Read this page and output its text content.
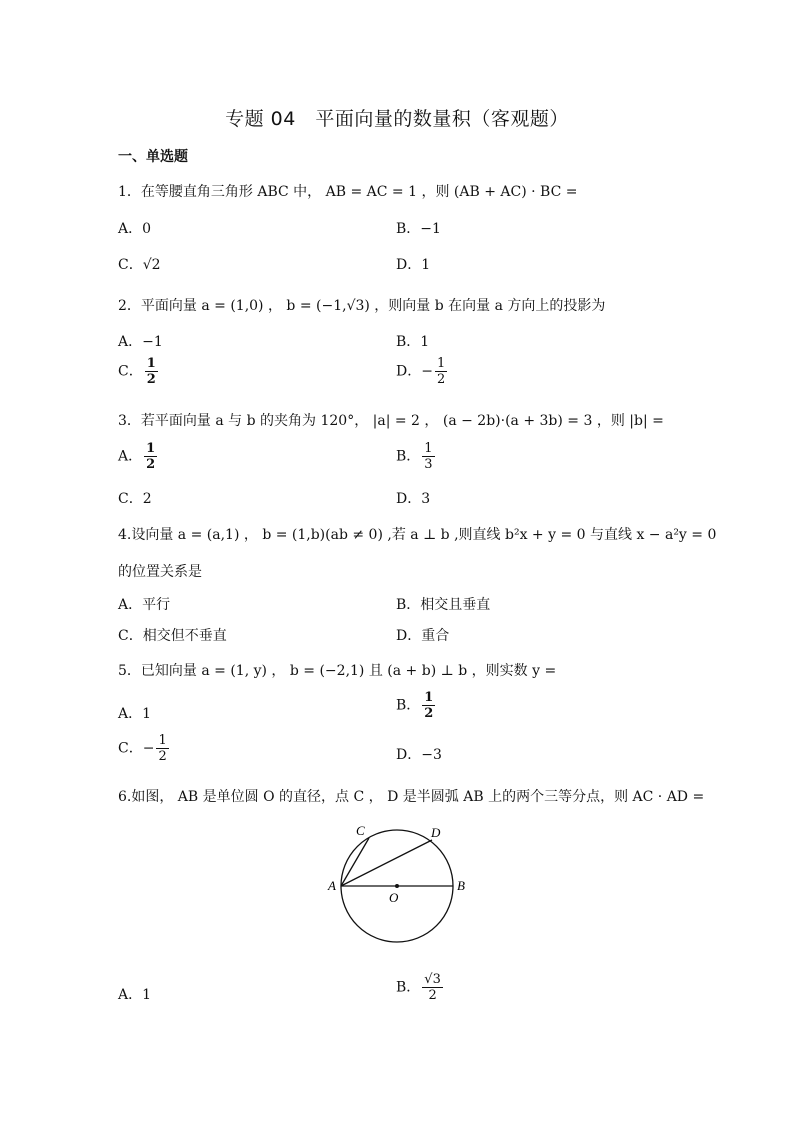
专题 04　平面向量的数量积（客观题）
一、单选题
1．在等腰直角三角形 ABC 中， AB = AC = 1 ，则 (AB + AC) · BC =
A．0	B．−1
C．√2	D．1
2．平面向量 a = (1,0) ， b = (−1,√3) ，则向量 b 在向量 a 方向上的投影为
A．−1	B．1
C． $\frac{1}{2}$	D．− $\frac{1}{2}$
3．若平面向量 a 与 b 的夹角为 120°， |a| = 2 ， (a − 2b)·(a + 3b) = 3 ，则 |b| =
A． $\frac{1}{2}$	B． $\frac{1}{3}$
C．2	D．3
4.设向量 a = (a,1) ， b = (1,b)(ab ≠ 0) ,若 a ⊥ b ,则直线 b²x + y = 0 与直线 x − a²y = 0
的位置关系是
A．平行	B．相交且垂直
C．相交但不垂直	D．重合
5．已知向量 a = (1, y) ， b = (−2,1) 且 (a + b) ⊥ b ，则实数 y =
A．1
B． $\frac{1}{2}$
C．− $\frac{1}{2}$	D．−3
6.如图， AB 是单位圆 O 的直径，点 C ， D 是半圆弧 AB 上的两个三等分点，则 AC · AD =
A	B
C	D
O
A．1	B． $\frac{√3}{2}$
